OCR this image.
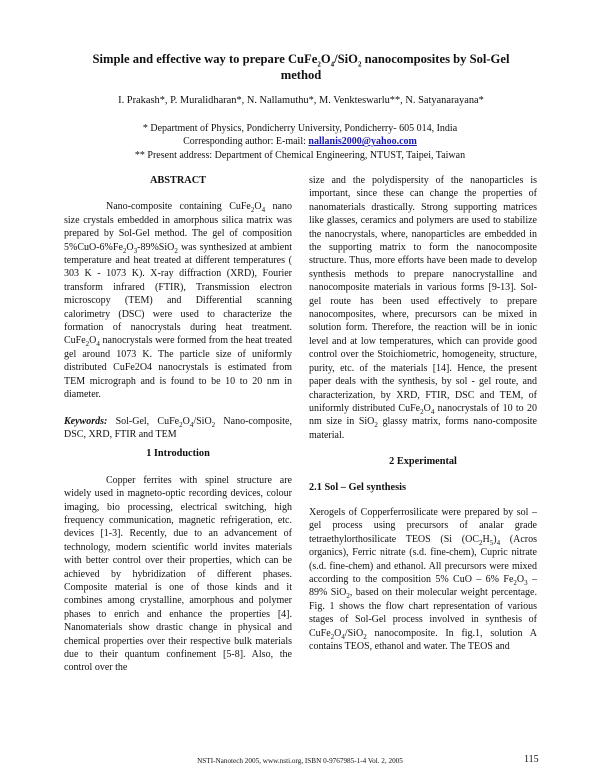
Simple and effective way to prepare $CuFe_2O_4/SiO_2$ nanocomposites by Sol-Gel
method
I. Prakash*, P. Muralidharan*, N. Nallamuthu*, M. Venkteswarlu**, N. Satyanarayana*
* Department of Physics, Pondicherry University, Pondicherry- 605 014, India
Corresponding author: E-mail: nallanis2000@yahoo.com
** Present address: Department of Chemical Engineering, NTUST, Taipei, Taiwan
ABSTRACT

Nano-composite containing $CuFe_2O_4$ nano size crystals embedded in amorphous silica matrix was prepared by Sol-Gel method. The gel of composition $5\%CuO-6\%Fe_2O_3-89\%SiO_2$ was synthesized at ambient temperature and heat treated at different temperatures ( 303 K - 1073 K). X-ray diffraction (XRD), Fourier transform infrared (FTIR), Transmission electron microscopy (TEM) and Differential scanning calorimetry (DSC) were used to characterize the formation of nanocrystals during heat treatment. $CuFe_2O_4$ nanocrystals were formed from the heat treated gel around 1073 K. The particle size of uniformly distributed CuFe2O4 nanocrystals is estimated from TEM micrograph and is found to be 10 to 20 nm in diameter.

Keywords: Sol-Gel, $CuFe_2O_4/SiO_2$ Nano-composite, DSC, XRD, FTIR and TEM

1 Introduction

Copper ferrites with spinel structure are widely used in magneto-optic recording devices, colour imaging, bio processing, electrical switching, high frequency communication, magnetic refrigeration, etc. devices [1-3]. Recently, due to an advancement of technology, modern scientific world invites materials with better control over their properties, which can be achieved by hybridization of different phases. Composite material is one of those kinds and it combines among crystalline, amorphous and polymer phases to enrich and enhance the properties [4]. Nanomaterials show drastic change in physical and chemical properties over their respective bulk materials due to their quantum confinement [5-8]. Also, the control over the

size and the polydispersity of the nanoparticles is important, since these can change the properties of nanomaterials drastically. Strong supporting matrices like glasses, ceramics and polymers are used to stabilize the nanocrystals, where, nanoparticles are embedded in the supporting matrix to form the nanocomposite structure. Thus, more efforts have been made to develop synthesis methods to prepare nanocrystalline and nanocomposite materials in various forms [9-13]. Sol-gel route has been used effectively to prepare nanocomposites, where, precursors can be mixed in solution form. Therefore, the reaction will be in ionic level and at low temperatures, which can provide good control over the Stoichiometric, homogeneity, structure, purity, etc. of the materials [14]. Hence, the present paper deals with the synthesis, by sol - gel route, and characterization, by XRD, FTIR, DSC and TEM, of uniformly distributed $CuFe_2O_4$ nanocrystals of 10 to 20 nm size in SiO$_2$ glassy matrix, forms nano-composite material.

2 Experimental
2.1 Sol – Gel synthesis

Xerogels of Copperferrosilicate were prepared by sol – gel process using precursors of analar grade tetraethylorthosilicate TEOS (Si $(OC_2H_5)_4$ (Acros organics), Ferric nitrate (s.d. fine-chem), Cupric nitrate (s.d. fine-chem) and ethanol. All precursors were mixed according to the composition 5% CuO – 6% $Fe_2O_3 - 89\%$ SiO$_2$, based on their molecular weight percentage. Fig. 1 shows the flow chart representation of various stages of Sol-Gel process involved in synthesis of $CuFe_2O_4/SiO_2$ nanocomposite. In fig.1, solution A contains TEOS, ethanol and water. The TEOS and

NSTI-Nanotech 2005, www.nsti.org, ISBN 0-9767985-1-4 Vol. 2, 2005	115
